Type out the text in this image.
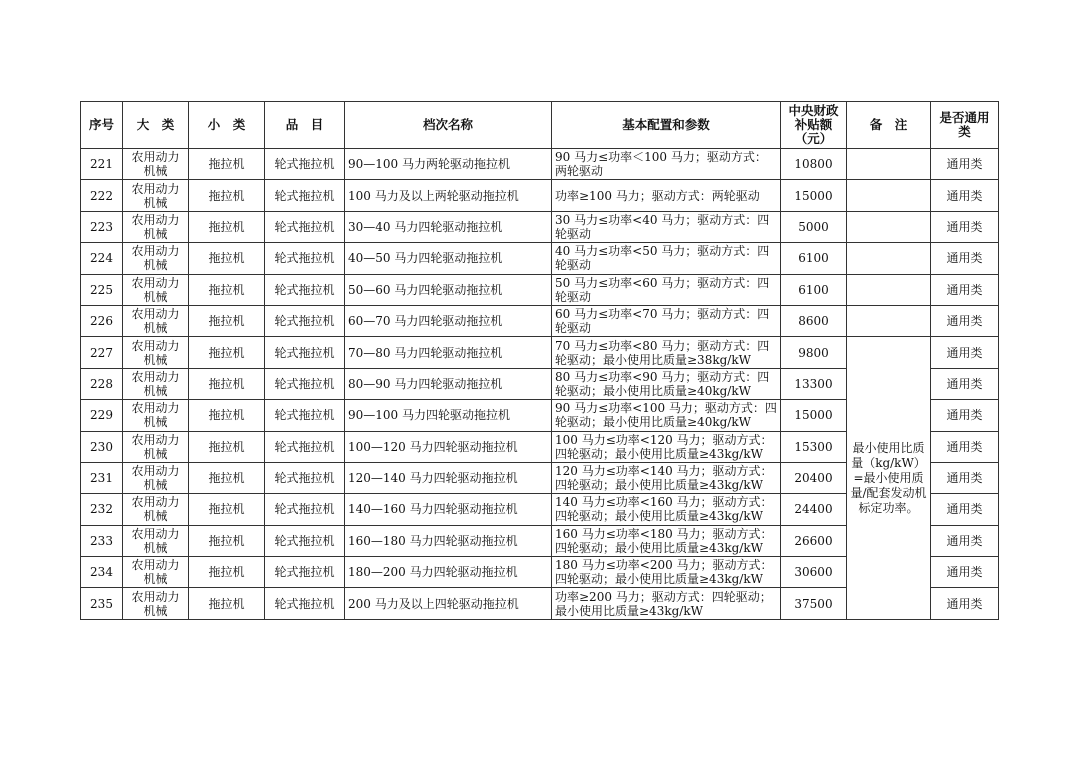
序号	大　类	小　类	品　目	档次名称	基本配置和参数	中央财政补贴额（元）	备　注	是否通用类
221	农用动力机械	拖拉机	轮式拖拉机	90—100 马力两轮驱动拖拉机	90 马力≤功率＜100 马力；驱动方式：两轮驱动	10800		通用类
222	农用动力机械	拖拉机	轮式拖拉机	100 马力及以上两轮驱动拖拉机	功率≥100 马力；驱动方式：两轮驱动	15000		通用类
223	农用动力机械	拖拉机	轮式拖拉机	30—40 马力四轮驱动拖拉机	30 马力≤功率<40 马力；驱动方式：四轮驱动	5000		通用类
224	农用动力机械	拖拉机	轮式拖拉机	40—50 马力四轮驱动拖拉机	40 马力≤功率<50 马力；驱动方式：四轮驱动	6100		通用类
225	农用动力机械	拖拉机	轮式拖拉机	50—60 马力四轮驱动拖拉机	50 马力≤功率<60 马力；驱动方式：四轮驱动	6100		通用类
226	农用动力机械	拖拉机	轮式拖拉机	60—70 马力四轮驱动拖拉机	60 马力≤功率<70 马力；驱动方式：四轮驱动	8600		通用类
227	农用动力机械	拖拉机	轮式拖拉机	70—80 马力四轮驱动拖拉机	70 马力≤功率<80 马力；驱动方式：四轮驱动；最小使用比质量≥38kg/kW	9800	最小使用比质量（kg/kW）=最小使用质量/配套发动机标定功率。	通用类
228	农用动力机械	拖拉机	轮式拖拉机	80—90 马力四轮驱动拖拉机	80 马力≤功率<90 马力；驱动方式：四轮驱动；最小使用比质量≥40kg/kW	13300		通用类
229	农用动力机械	拖拉机	轮式拖拉机	90—100 马力四轮驱动拖拉机	90 马力≤功率<100 马力；驱动方式：四轮驱动；最小使用比质量≥40kg/kW	15000		通用类
230	农用动力机械	拖拉机	轮式拖拉机	100—120 马力四轮驱动拖拉机	100 马力≤功率<120 马力；驱动方式：四轮驱动；最小使用比质量≥43kg/kW	15300		通用类
231	农用动力机械	拖拉机	轮式拖拉机	120—140 马力四轮驱动拖拉机	120 马力≤功率<140 马力；驱动方式：四轮驱动；最小使用比质量≥43kg/kW	20400		通用类
232	农用动力机械	拖拉机	轮式拖拉机	140—160 马力四轮驱动拖拉机	140 马力≤功率<160 马力；驱动方式：四轮驱动；最小使用比质量≥43kg/kW	24400		通用类
233	农用动力机械	拖拉机	轮式拖拉机	160—180 马力四轮驱动拖拉机	160 马力≤功率<180 马力；驱动方式：四轮驱动；最小使用比质量≥43kg/kW	26600		通用类
234	农用动力机械	拖拉机	轮式拖拉机	180—200 马力四轮驱动拖拉机	180 马力≤功率<200 马力；驱动方式：四轮驱动；最小使用比质量≥43kg/kW	30600		通用类
235	农用动力机械	拖拉机	轮式拖拉机	200 马力及以上四轮驱动拖拉机	功率≥200 马力；驱动方式：四轮驱动；最小使用比质量≥43kg/kW	37500		通用类
